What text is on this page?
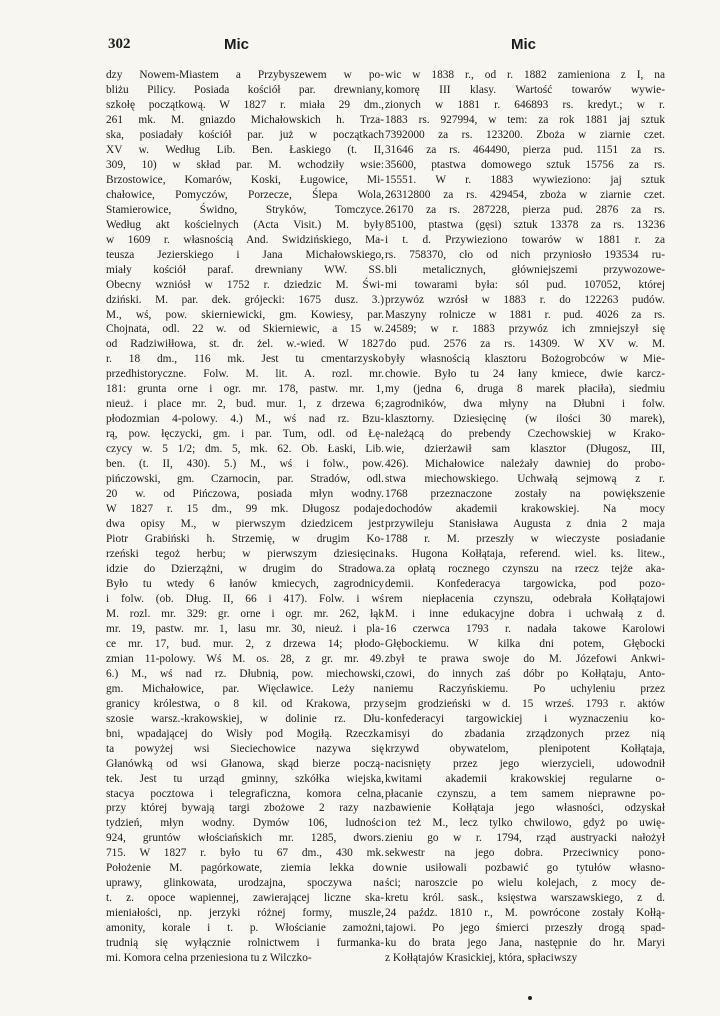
302	Mic	Mic
dzy Nowem-Miastem a Przybyszewem w po-
bliżu Pilicy. Posiada kościół par. drewniany,
szkołę początkową. W 1827 r. miała 29 dm.,
261 mk. M. gniazdo Michałowskich h. Trza-
ska, posiadały kościół par. już w początkach
XV w. Według Lib. Ben. Łaskiego (t. II,
309, 10) w skład par. M. wchodziły wsie:
Brzostowice, Komarów, Koski, Ługowice, Mi-
chałowice, Pomyczów, Porzecze, Ślepa Wola,
Stamierowice, Świdno, Stryków, Tomczyce.
Według akt kościelnych (Acta Visit.) M. były
w 1609 r. własnością And. Swidzińskiego, Ma-
teusza Jezierskiego i Jana Michałowskiego,
miały kościół paraf. drewniany WW. SS.
Obecny wzniósł w 1752 r. dziedzic M. Świ-
dziński. M. par. dek. grójecki: 1675 dusz. 3.)
M., wś, pow. skierniewicki, gm. Kowiesy, par.
Chojnata, odl. 22 w. od Skierniewic, a 15 w.
od Radziwiłłowa, st. dr. żel. w.-wied. W 1827
r. 18 dm., 116 mk. Jest tu cmentarzysko
przedhistoryczne. Folw. M. lit. A. rozl. mr.
181: grunta orne i ogr. mr. 178, pastw. mr. 1,
nieuż. i place mr. 2, bud. mur. 1, z drzewa 6;
płodozmian 4-polowy. 4.) M., wś nad rz. Bzu-
rą, pow. łęczycki, gm. i par. Tum, odl. od Łę-
czycy w. 5 1/2; dm. 5, mk. 62. Ob. Łaski, Lib.
ben. (t. II, 430). 5.) M., wś i folw., pow.
pińczowski, gm. Czarnocin, par. Stradów, odl.
20 w. od Pińczowa, posiada młyn wodny.
W 1827 r. 15 dm., 99 mk. Długosz podaje
dwa opisy M., w pierwszym dziedzicem jest
Piotr Grabiński h. Strzemię, w drugim Ko-
rzeński tegoż herbu; w pierwszym dziesięcina
idzie do Dzierzążni, w drugim do Stradowa.
Było tu wtedy 6 łanów kmiecych, zagrodnicy
i folw. (ob. Dług. II, 66 i 417). Folw. i wś
M. rozl. mr. 329: gr. orne i ogr. mr. 262, łąk
mr. 19, pastw. mr. 1, lasu mr. 30, nieuż. i pla-
ce mr. 17, bud. mur. 2, z drzewa 14; płodo-
zmian 11-polowy. Wś M. os. 28, z gr. mr. 49.
6.) M., wś nad rz. Dłubnią, pow. miechowski,
gm. Michałowice, par. Więcławice. Leży na
granicy królestwa, o 8 kil. od Krakowa, przy
szosie warsz.-krakowskiej, w dolinie rz. Dłu-
bni, wpadającej do Wisły pod Mogiłą. Rzeczka
ta powyżej wsi Sieciechowice nazywa się
Głanówką od wsi Głanowa, skąd bierze począ-
tek. Jest tu urząd gminny, szkółka wiejska,
stacya pocztowa i telegraficzna, komora celna,
przy której bywają targi zbożowe 2 razy na
tydzień, młyn wodny. Dymów 106, ludności
924, gruntów włościańskich mr. 1285, dwors.
715. W 1827 r. było tu 67 dm., 430 mk.
Położenie M. pagórkowate, ziemia lekka do
uprawy, glinkowata, urodzajna, spoczywa na
t. z. opoce wapiennej, zawierającej liczne ska-
mieniałości, np. jerzyki różnej formy, muszle,
amonity, korale i t. p. Włościanie zamożni,
trudnią się wyłącznie rolnictwem i furmanka-
mi. Komora celna przeniesiona tu z Wilczko-
wic w 1838 r., od r. 1882 zamieniona z I, na
komorę III klasy. Wartość towarów wywie-
zionych w 1881 r. 646893 rs. kredyt.; w r.
1883 rs. 927994, w tem: za rok 1881 jaj sztuk
7392000 za rs. 123200. Zboża w ziarnie czet.
31646 za rs. 464490, pierza pud. 1151 za rs.
35600, ptastwa domowego sztuk 15756 za rs.
15551. W r. 1883 wywieziono: jaj sztuk
26312800 za rs. 429454, zboża w ziarnie czet.
26170 za rs. 287228, pierza pud. 2876 za rs.
85100, ptastwa (gęsi) sztuk 13378 za rs. 13236
i t. d. Przywieziono towarów w 1881 r. za
rs. 758370, cło od nich przyniosło 193534 ru-
bli metalicznych, główniejszemi przywozowe-
mi towarami była: sól pud. 107052, której
przywóz wzrósł w 1883 r. do 122263 pudów.
Maszyny rolnicze w 1881 r. pud. 4026 za rs.
24589; w r. 1883 przywóz ich zmniejszył się
do pud. 2576 za rs. 14309. W XV w. M.
były własnością klasztoru Bożogrobców w Mie-
chowie. Było tu 24 łany kmiece, dwie karcz-
my (jedna 6, druga 8 marek płaciła), siedmiu
zagrodników, dwa młyny na Dłubni i folw.
klasztorny. Dziesięcinę (w ilości 30 marek),
należącą do prebendy Czechowskiej w Krako-
wie, dzierżawił sam klasztor (Długosz, III,
426). Michałowice należały dawniej do probo-
stwa miechowskiego. Uchwałą sejmową z r.
1768 przeznaczone zostały na powiększenie
dochodów akademii krakowskiej. Na mocy
przywileju Stanisława Augusta z dnia 2 maja
1788 r. M. przeszły w wieczyste posiadanie
ks. Hugona Kołłątaja, referend. wiel. ks. litew.,
za opłatą rocznego czynszu na rzecz tejże aka-
demii. Konfederacya targowicka, pod pozo-
rem niepłacenia czynszu, odebrała Kołłątajowi
M. i inne edukacyjne dobra i uchwałą z d.
16 czerwca 1793 r. nadała takowe Karolowi
Głębockiemu. W kilka dni potem, Głębocki
zbył te prawa swoje do M. Józefowi Ankwi-
czowi, do innych zaś dóbr po Kołłątaju, Anto-
niemu Raczyńskiemu. Po uchyleniu przez
sejm grodzieński w d. 15 wrześ. 1793 r. aktów
konfederacyi targowickiej i wyznaczeniu ko-
misyi do zbadania zrządzonych przez nią
krzywd obywatelom, plenipotent Kołłątaja,
nacisnięty przez jego wierzycieli, udowodnił
kwitami akademii krakowskiej regularne o-
płacanie czynszu, a tem samem nieprawne po-
zbawienie Kołłątaja jego własności, odzyskał
on też M., lecz tylko chwilowo, gdyż po uwię-
zieniu go w r. 1794, rząd austryacki nałożył
sekwestr na jego dobra. Przeciwnicy pono-
wnie usiłowali pozbawić go tytułów własno-
ści; naroszcie po wielu kolejach, z mocy de-
kretu król. sask., księstwa warszawskiego, z d.
24 paźdz. 1810 r., M. powrócone zostały Kołłą-
tajowi. Po jego śmierci przeszły drogą spad-
ku do brata jego Jana, następnie do hr. Maryi
z Kołłątajów Krasickiej, która, spłaciwszy
